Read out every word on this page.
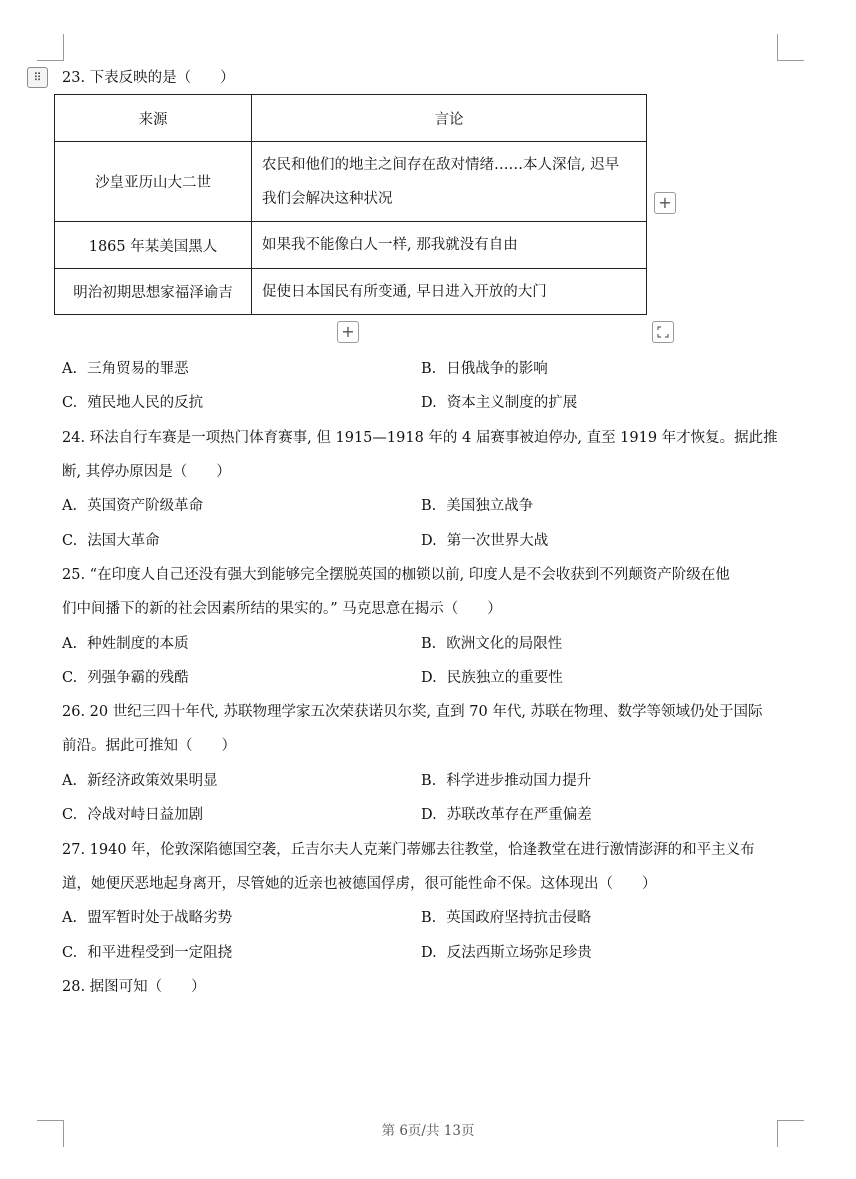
⠿	23. 下表反映的是（　　）
来源	言论
沙皇亚历山大二世	农民和他们的地主之间存在敌对情绪……本人深信, 迟早
我们会解决这种状况

1865 年某美国黑人	如果我不能像白人一样, 那我就没有自由

明治初期思想家福泽谕吉	促使日本国民有所变通, 早日进入开放的大门
+
+
A. 三角贸易的罪恶	B. 日俄战争的影响
C. 殖民地人民的反抗	D. 资本主义制度的扩展
24. 环法自行车赛是一项热门体育赛事, 但 1915—1918 年的 4 届赛事被迫停办, 直至 1919 年才恢复。据此推
断, 其停办原因是（　　）
A. 英国资产阶级革命	B. 美国独立战争
C. 法国大革命	D. 第一次世界大战
25. “在印度人自己还没有强大到能够完全摆脱英国的枷锁以前, 印度人是不会收获到不列颠资产阶级在他
们中间播下的新的社会因素所结的果实的。” 马克思意在揭示（　　）
A. 种姓制度的本质	B. 欧洲文化的局限性
C. 列强争霸的残酷	D. 民族独立的重要性
26. 20 世纪三四十年代, 苏联物理学家五次荣获诺贝尔奖, 直到 70 年代, 苏联在物理、数学等领域仍处于国际
前沿。据此可推知（　　）
A. 新经济政策效果明显	B. 科学进步推动国力提升
C. 冷战对峙日益加剧	D. 苏联改革存在严重偏差
27. 1940 年，伦敦深陷德国空袭，丘吉尔夫人克莱门蒂娜去往教堂，恰逢教堂在进行激情澎湃的和平主义布
道，她便厌恶地起身离开，尽管她的近亲也被德国俘虏，很可能性命不保。这体现出（　　）
A. 盟军暂时处于战略劣势	B. 英国政府坚持抗击侵略
C. 和平进程受到一定阻挠	D. 反法西斯立场弥足珍贵
28. 据图可知（　　）
第 6页/共 13页
